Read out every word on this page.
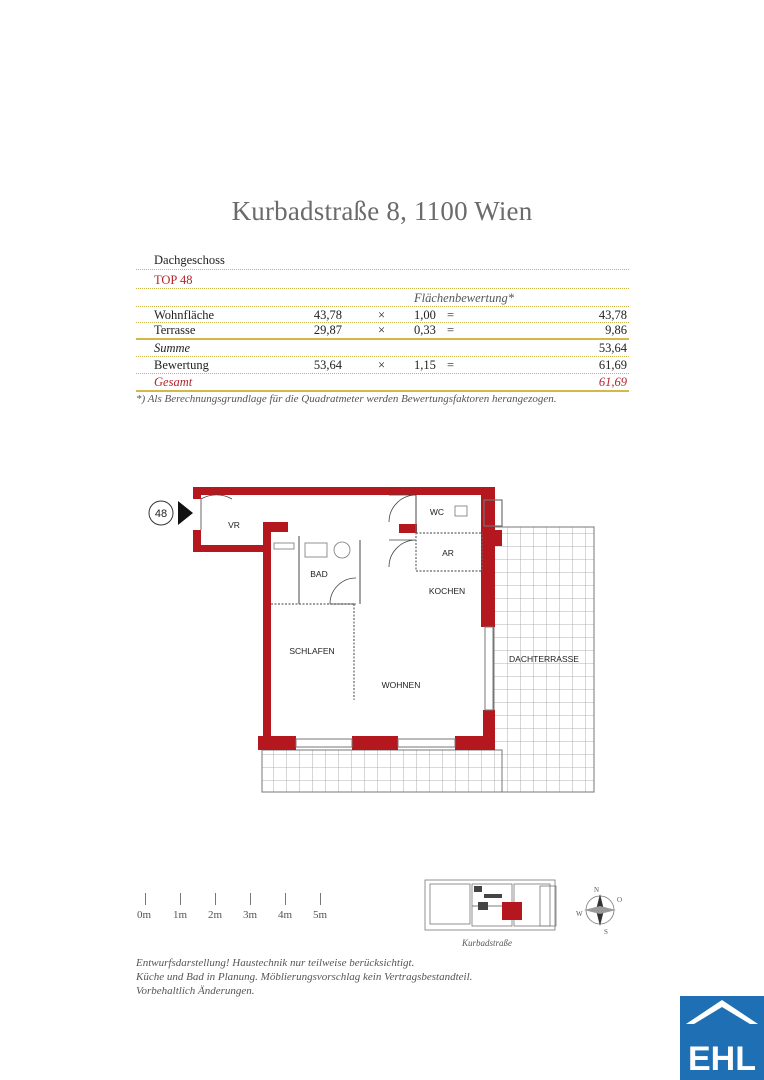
Kurbadstraße 8, 1100 Wien
Dachgeschoss
TOP 48
Flächenbewertung*
Wohnfläche	43,78	× 1,00 =	43,78
Terrasse	29,87	× 0,33 =	9,86
Summe	53,64
Bewertung	53,64	× 1,15 =	61,69
Gesamt	61,69
*) Als Berechnungsgrundlage für die Quadratmeter werden Bewertungsfaktoren herangezogen.
48
VR
WC
AR
BAD
KOCHEN
SCHLAFEN
WOHNEN
DACHTERRASSE
0m 1m 2m 3m 4m 5m
Kurbadstraße
N
O
S
W
Entwurfsdarstellung! Haustechnik nur teilweise berücksichtigt.
Küche und Bad in Planung. Möblierungsvorschlag kein Vertragsbestandteil.
Vorbehaltlich Änderungen.
EHL
